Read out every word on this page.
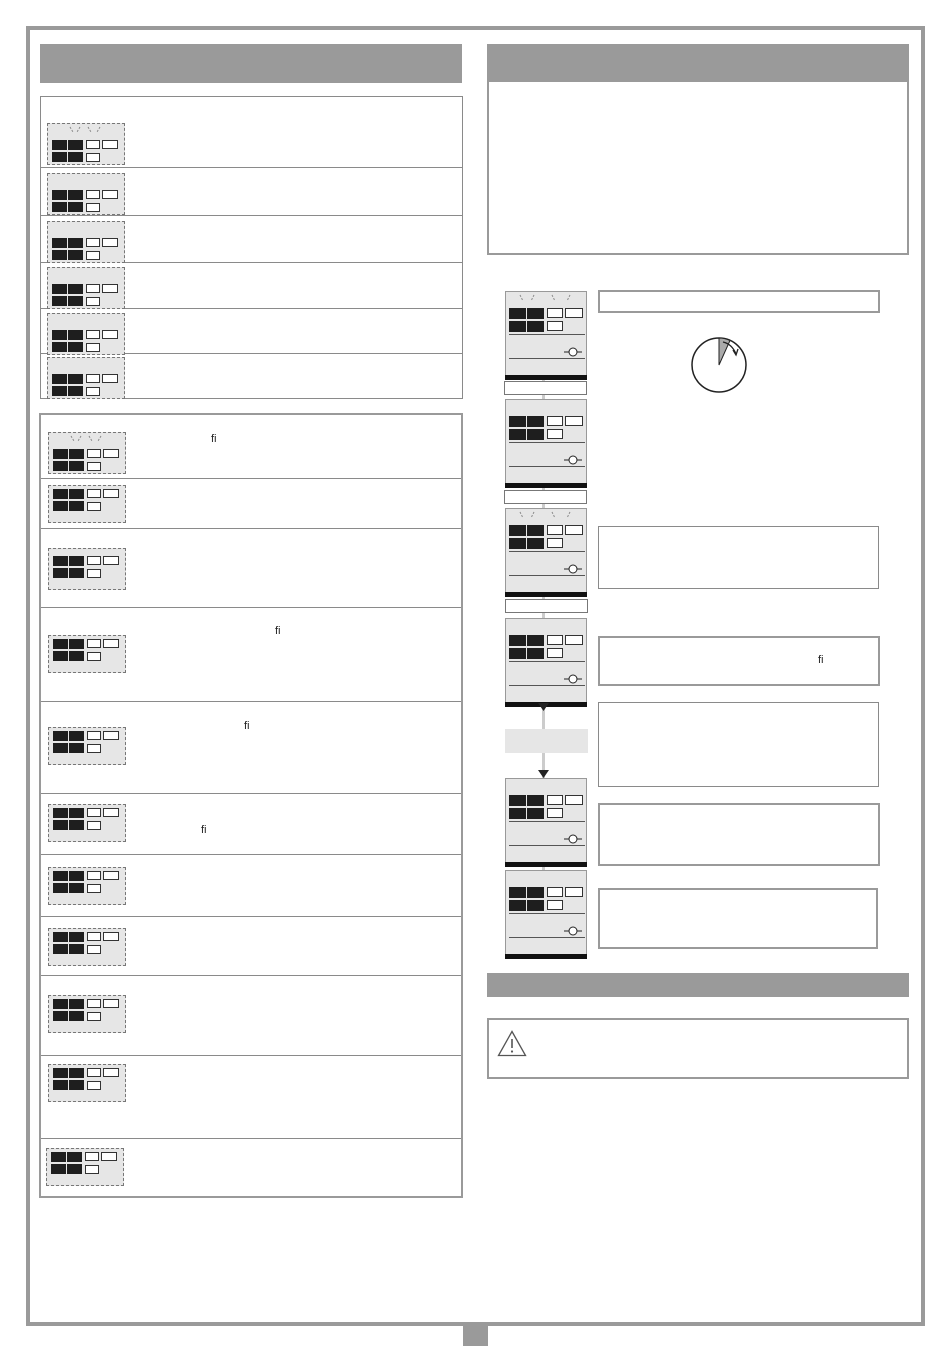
ﬁ
ﬁ
ﬁ
ﬁ
ﬁ
